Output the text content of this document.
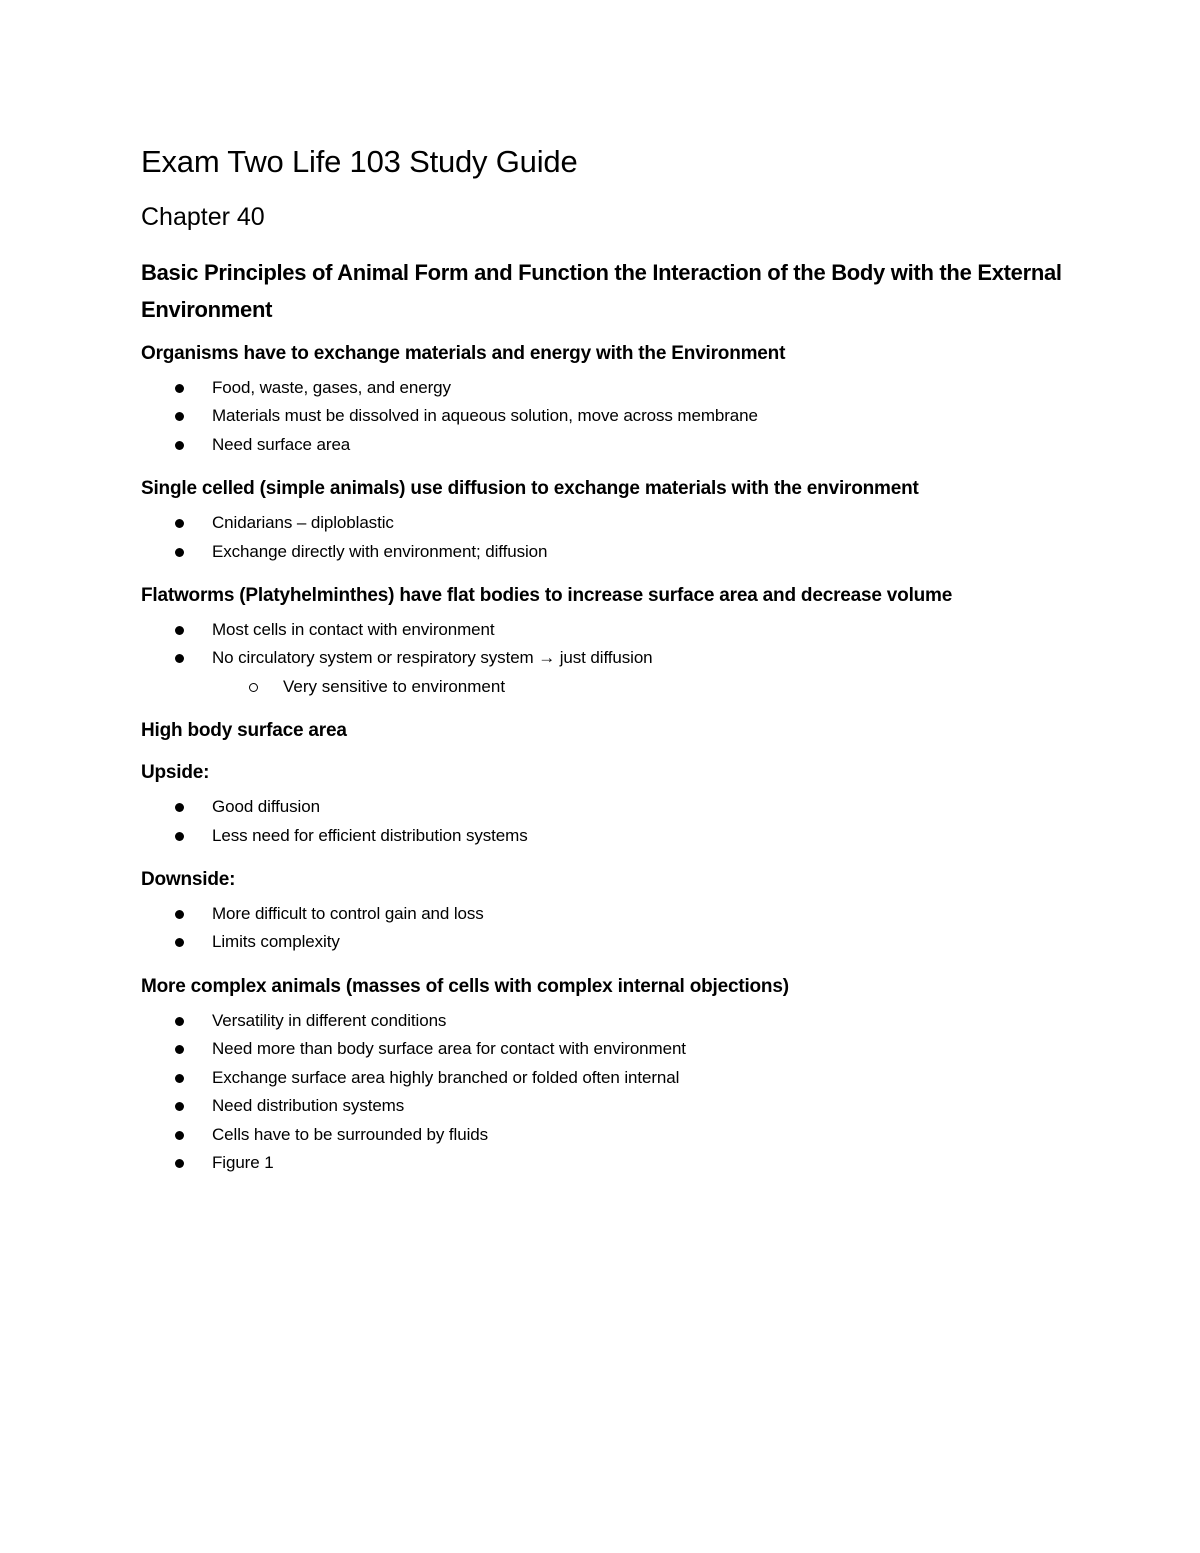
Exam Two Life 103 Study Guide
Chapter 40
Basic Principles of Animal Form and Function the Interaction of the Body with the External Environment

Organisms have to exchange materials and energy with the Environment

Food, waste, gases, and energy
Materials must be dissolved in aqueous solution, move across membrane
Need surface area

Single celled (simple animals) use diffusion to exchange materials with the environment

Cnidarians – diploblastic
Exchange directly with environment; diffusion

Flatworms (Platyhelminthes) have flat bodies to increase surface area and decrease volume

Most cells in contact with environment
No circulatory system or respiratory system → just diffusion
Very sensitive to environment

High body surface area

Upside:

Good diffusion
Less need for efficient distribution systems

Downside:

More difficult to control gain and loss
Limits complexity

More complex animals (masses of cells with complex internal objections)

Versatility in different conditions
Need more than body surface area for contact with environment
Exchange surface area highly branched or folded often internal
Need distribution systems
Cells have to be surrounded by fluids
Figure 1
